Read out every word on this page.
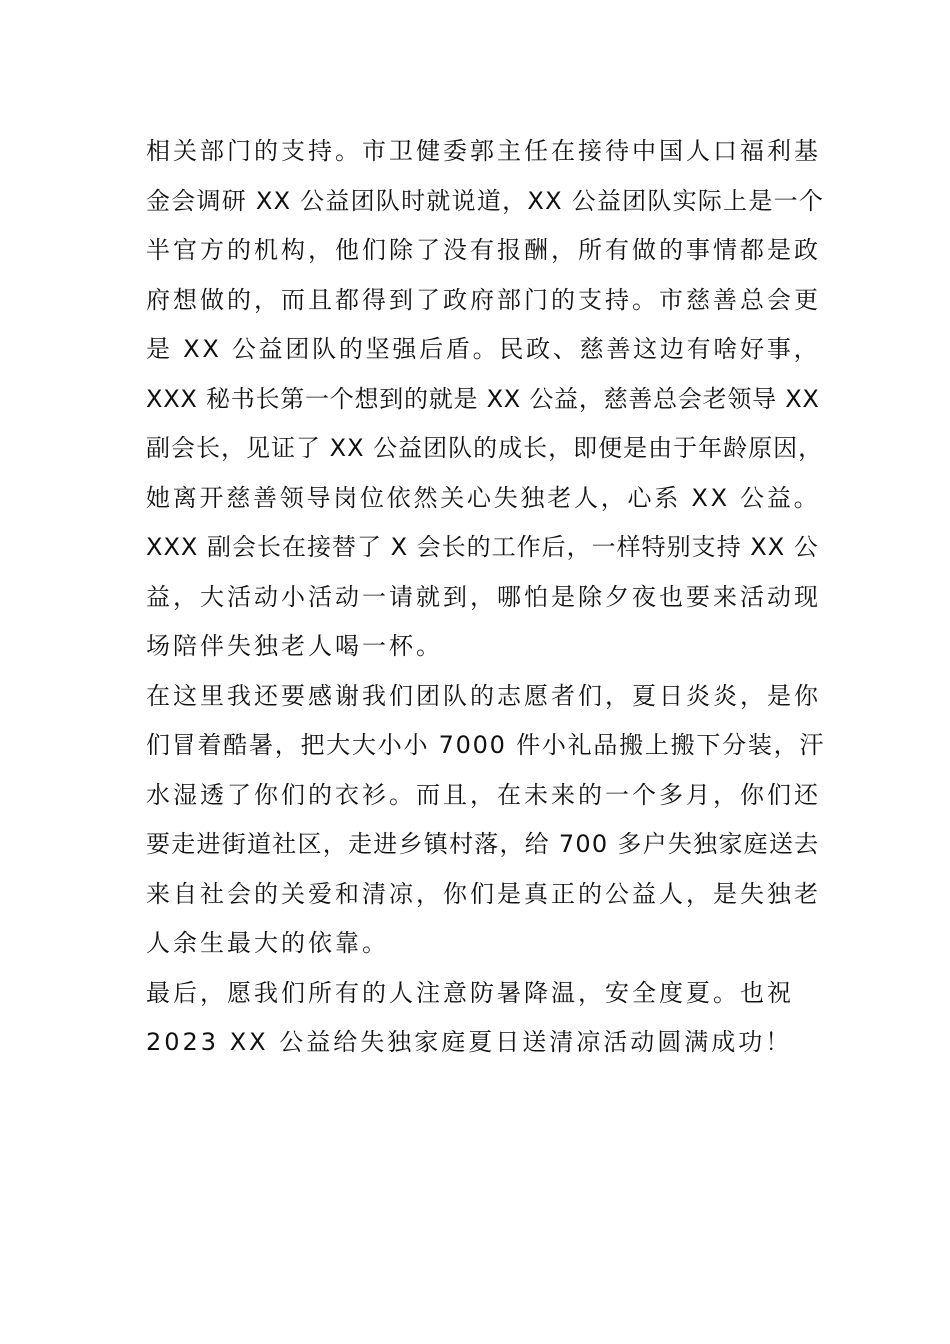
相关部门的支持。市卫健委郭主任在接待中国人口福利基
金会调研 XX 公益团队时就说道，XX 公益团队实际上是一个
半官方的机构，他们除了没有报酬，所有做的事情都是政
府想做的，而且都得到了政府部门的支持。市慈善总会更
是 XX 公益团队的坚强后盾。民政、慈善这边有啥好事，
XXX 秘书长第一个想到的就是 XX 公益，慈善总会老领导 XX
副会长，见证了 XX 公益团队的成长，即便是由于年龄原因，
她离开慈善领导岗位依然关心失独老人，心系 XX 公益。
XXX 副会长在接替了 X 会长的工作后，一样特别支持 XX 公
益，大活动小活动一请就到，哪怕是除夕夜也要来活动现
场陪伴失独老人喝一杯。
在这里我还要感谢我们团队的志愿者们，夏日炎炎，是你
们冒着酷暑，把大大小小 7000 件小礼品搬上搬下分装，汗
水湿透了你们的衣衫。而且，在未来的一个多月，你们还
要走进街道社区，走进乡镇村落，给 700 多户失独家庭送去
来自社会的关爱和清凉，你们是真正的公益人，是失独老
人余生最大的依靠。
最后，愿我们所有的人注意防暑降温，安全度夏。也祝
2023 XX 公益给失独家庭夏日送清凉活动圆满成功！
